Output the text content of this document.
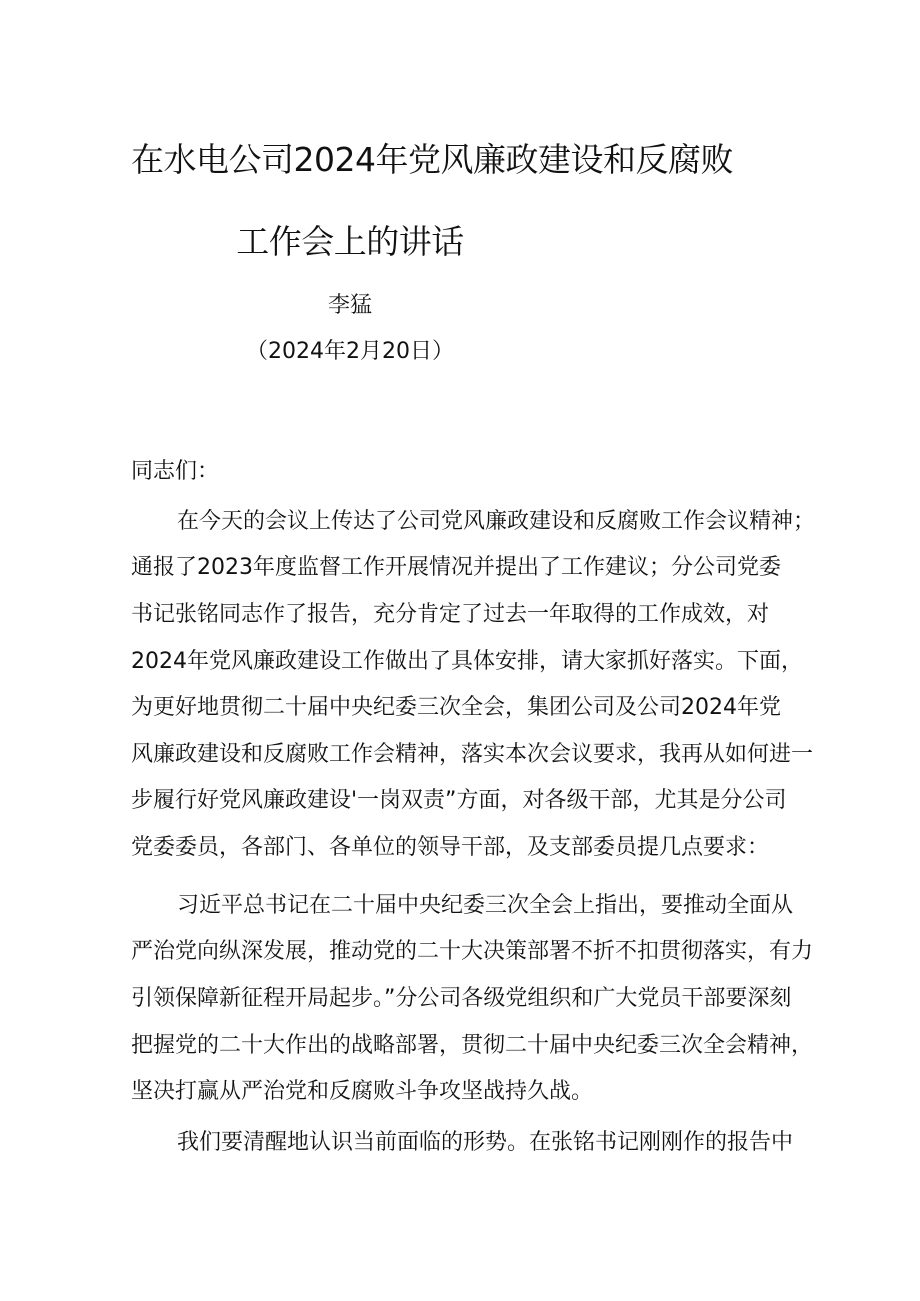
在水电公司2024年党风廉政建设和反腐败
工作会上的讲话
李猛
（2024年2月20日）
同志们：
在今天的会议上传达了公司党风廉政建设和反腐败工作会议精神；
通报了2023年度监督工作开展情况并提出了工作建议；分公司党委
书记张铭同志作了报告，充分肯定了过去一年取得的工作成效，对
2024年党风廉政建设工作做出了具体安排，请大家抓好落实。下面，
为更好地贯彻二十届中央纪委三次全会，集团公司及公司2024年党
风廉政建设和反腐败工作会精神，落实本次会议要求，我再从如何进一
步履行好党风廉政建设'一岗双责”方面，对各级干部，尤其是分公司
党委委员，各部门、各单位的领导干部，及支部委员提几点要求：
习近平总书记在二十届中央纪委三次全会上指出，要推动全面从
严治党向纵深发展，推动党的二十大决策部署不折不扣贯彻落实，有力
引领保障新征程开局起步。”分公司各级党组织和广大党员干部要深刻
把握党的二十大作出的战略部署，贯彻二十届中央纪委三次全会精神，
坚决打赢从严治党和反腐败斗争攻坚战持久战。
我们要清醒地认识当前面临的形势。在张铭书记刚刚作的报告中
